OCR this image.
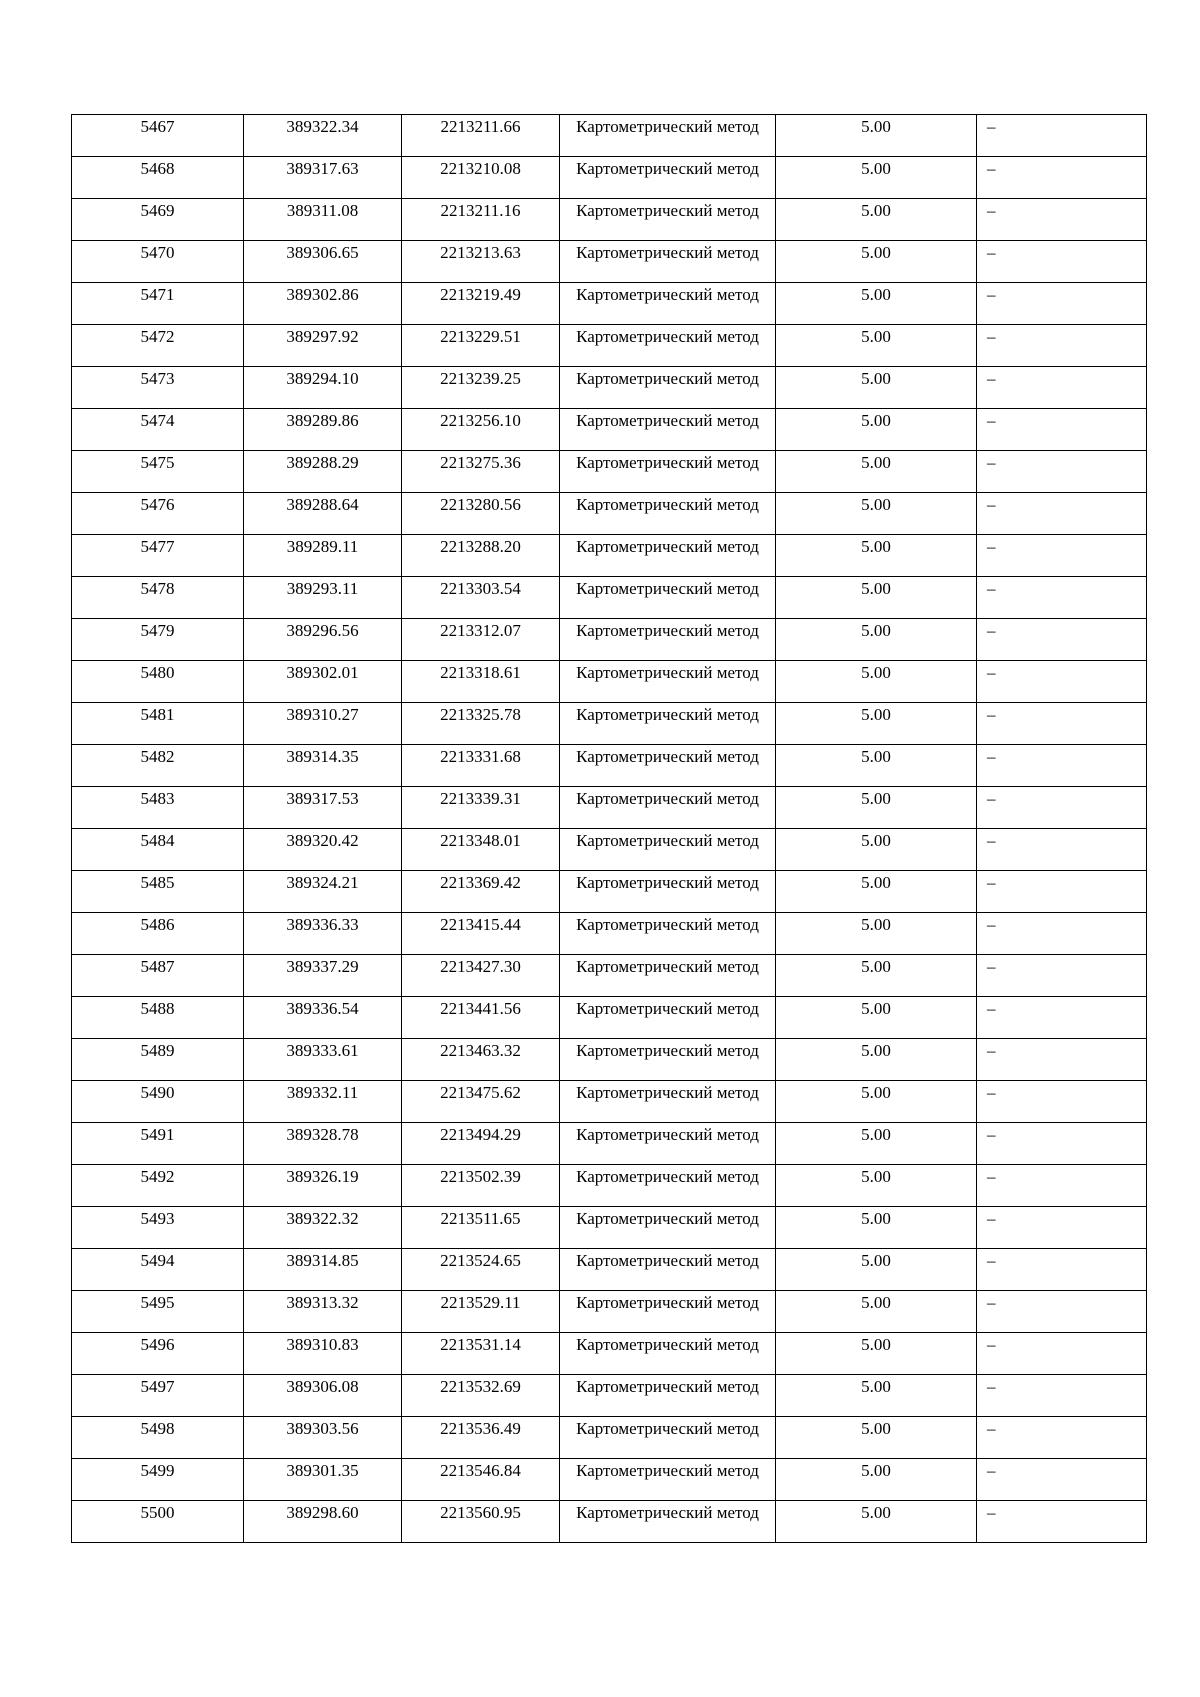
5467	389322.34	2213211.66	Картометрический метод	5.00	–
5468	389317.63	2213210.08	Картометрический метод	5.00	–
5469	389311.08	2213211.16	Картометрический метод	5.00	–
5470	389306.65	2213213.63	Картометрический метод	5.00	–
5471	389302.86	2213219.49	Картометрический метод	5.00	–
5472	389297.92	2213229.51	Картометрический метод	5.00	–
5473	389294.10	2213239.25	Картометрический метод	5.00	–
5474	389289.86	2213256.10	Картометрический метод	5.00	–
5475	389288.29	2213275.36	Картометрический метод	5.00	–
5476	389288.64	2213280.56	Картометрический метод	5.00	–
5477	389289.11	2213288.20	Картометрический метод	5.00	–
5478	389293.11	2213303.54	Картометрический метод	5.00	–
5479	389296.56	2213312.07	Картометрический метод	5.00	–
5480	389302.01	2213318.61	Картометрический метод	5.00	–
5481	389310.27	2213325.78	Картометрический метод	5.00	–
5482	389314.35	2213331.68	Картометрический метод	5.00	–
5483	389317.53	2213339.31	Картометрический метод	5.00	–
5484	389320.42	2213348.01	Картометрический метод	5.00	–
5485	389324.21	2213369.42	Картометрический метод	5.00	–
5486	389336.33	2213415.44	Картометрический метод	5.00	–
5487	389337.29	2213427.30	Картометрический метод	5.00	–
5488	389336.54	2213441.56	Картометрический метод	5.00	–
5489	389333.61	2213463.32	Картометрический метод	5.00	–
5490	389332.11	2213475.62	Картометрический метод	5.00	–
5491	389328.78	2213494.29	Картометрический метод	5.00	–
5492	389326.19	2213502.39	Картометрический метод	5.00	–
5493	389322.32	2213511.65	Картометрический метод	5.00	–
5494	389314.85	2213524.65	Картометрический метод	5.00	–
5495	389313.32	2213529.11	Картометрический метод	5.00	–
5496	389310.83	2213531.14	Картометрический метод	5.00	–
5497	389306.08	2213532.69	Картометрический метод	5.00	–
5498	389303.56	2213536.49	Картометрический метод	5.00	–
5499	389301.35	2213546.84	Картометрический метод	5.00	–
5500	389298.60	2213560.95	Картометрический метод	5.00	–
